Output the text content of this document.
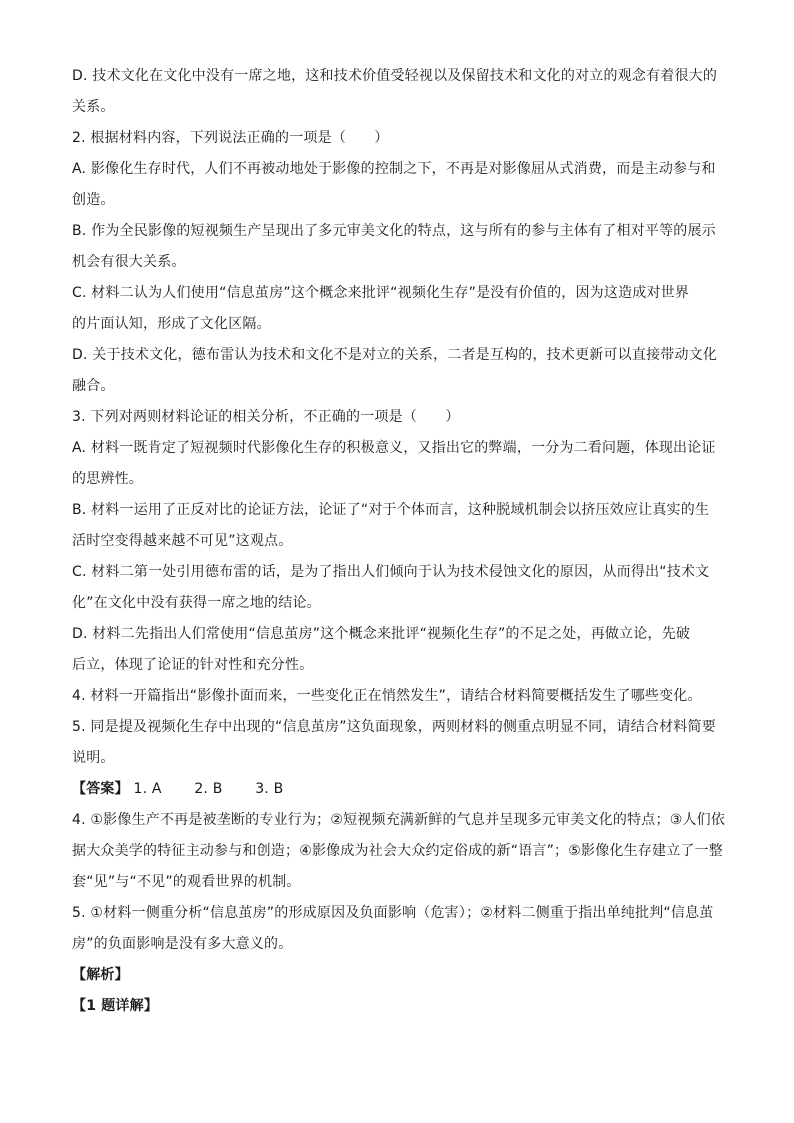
D. 技术文化在文化中没有一席之地，这和技术价值受轻视以及保留技术和文化的对立的观念有着很大的
关系。
2. 根据材料内容，下列说法正确的一项是（　　）
A. 影像化生存时代，人们不再被动地处于影像的控制之下，不再是对影像屈从式消费，而是主动参与和
创造。
B. 作为全民影像的短视频生产呈现出了多元审美文化的特点，这与所有的参与主体有了相对平等的展示
机会有很大关系。
C. 材料二认为人们使用“信息茧房”这个概念来批评“视频化生存”是没有价值的，因为这造成对世界
的片面认知，形成了文化区隔。
D. 关于技术文化，德布雷认为技术和文化不是对立的关系，二者是互构的，技术更新可以直接带动文化
融合。
3. 下列对两则材料论证的相关分析，不正确的一项是（　　）
A. 材料一既肯定了短视频时代影像化生存的积极意义，又指出它的弊端，一分为二看问题，体现出论证
的思辨性。
B. 材料一运用了正反对比的论证方法，论证了“对于个体而言，这种脱域机制会以挤压效应让真实的生
活时空变得越来越不可见”这观点。
C. 材料二第一处引用德布雷的话，是为了指出人们倾向于认为技术侵蚀文化的原因，从而得出“技术文
化”在文化中没有获得一席之地的结论。
D. 材料二先指出人们常使用“信息茧房”这个概念来批评“视频化生存”的不足之处，再做立论，先破
后立，体现了论证的针对性和充分性。
4. 材料一开篇指出“影像扑面而来，一些变化正在悄然发生”，请结合材料简要概括发生了哪些变化。
5. 同是提及视频化生存中出现的“信息茧房”这负面现象，两则材料的侧重点明显不同，请结合材料简要
说明。
【答案】 1. A 2. B 3. B
4. ①影像生产不再是被垄断的专业行为；②短视频充满新鲜的气息并呈现多元审美文化的特点；③人们依
据大众美学的特征主动参与和创造；④影像成为社会大众约定俗成的新“语言”；⑤影像化生存建立了一整
套“见”与“不见”的观看世界的机制。
5. ①材料一侧重分析“信息茧房”的形成原因及负面影响（危害）；②材料二侧重于指出单纯批判“信息茧
房”的负面影响是没有多大意义的。
【解析】
【1 题详解】
